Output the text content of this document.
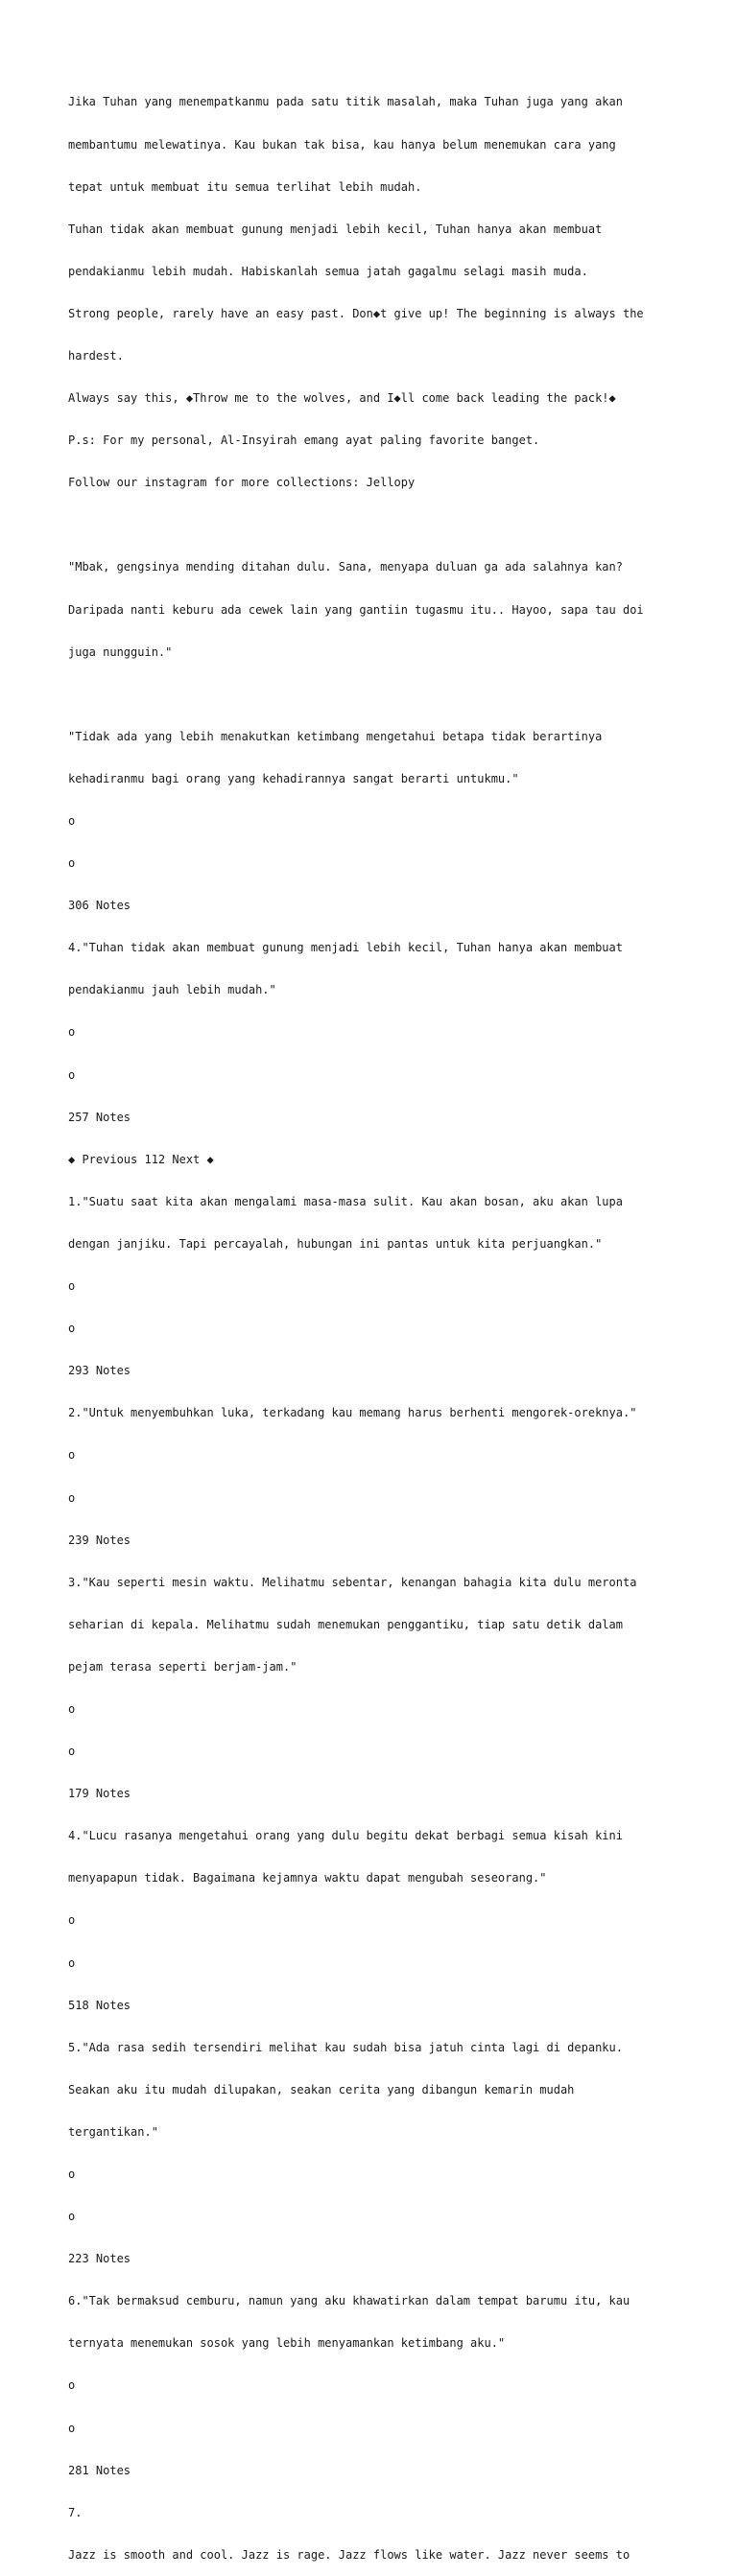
Jika Tuhan yang menempatkanmu pada satu titik masalah, maka Tuhan juga yang akan

membantumu melewatinya. Kau bukan tak bisa, kau hanya belum menemukan cara yang

tepat untuk membuat itu semua terlihat lebih mudah.

Tuhan tidak akan membuat gunung menjadi lebih kecil, Tuhan hanya akan membuat

pendakianmu lebih mudah. Habiskanlah semua jatah gagalmu selagi masih muda.

Strong people, rarely have an easy past. Don◆t give up! The beginning is always the

hardest.

Always say this, ◆Throw me to the wolves, and I◆ll come back leading the pack!◆

P.s: For my personal, Al-Insyirah emang ayat paling favorite banget.

Follow our instagram for more collections: Jellopy

"Mbak, gengsinya mending ditahan dulu. Sana, menyapa duluan ga ada salahnya kan?

Daripada nanti keburu ada cewek lain yang gantiin tugasmu itu.. Hayoo, sapa tau doi

juga nungguin."

"Tidak ada yang lebih menakutkan ketimbang mengetahui betapa tidak berartinya

kehadiranmu bagi orang yang kehadirannya sangat berarti untukmu."

o

o

306 Notes

4."Tuhan tidak akan membuat gunung menjadi lebih kecil, Tuhan hanya akan membuat

pendakianmu jauh lebih mudah."

o

o

257 Notes

◆ Previous 112 Next ◆

1."Suatu saat kita akan mengalami masa-masa sulit. Kau akan bosan, aku akan lupa

dengan janjiku. Tapi percayalah, hubungan ini pantas untuk kita perjuangkan."

o

o

293 Notes

2."Untuk menyembuhkan luka, terkadang kau memang harus berhenti mengorek-oreknya."

o

o

239 Notes

3."Kau seperti mesin waktu. Melihatmu sebentar, kenangan bahagia kita dulu meronta

seharian di kepala. Melihatmu sudah menemukan penggantiku, tiap satu detik dalam

pejam terasa seperti berjam-jam."

o

o

179 Notes

4."Lucu rasanya mengetahui orang yang dulu begitu dekat berbagi semua kisah kini

menyapapun tidak. Bagaimana kejamnya waktu dapat mengubah seseorang."

o

o

518 Notes

5."Ada rasa sedih tersendiri melihat kau sudah bisa jatuh cinta lagi di depanku.

Seakan aku itu mudah dilupakan, seakan cerita yang dibangun kemarin mudah

tergantikan."

o

o

223 Notes

6."Tak bermaksud cemburu, namun yang aku khawatirkan dalam tempat barumu itu, kau

ternyata menemukan sosok yang lebih menyamankan ketimbang aku."

o

o

281 Notes

7.

Jazz is smooth and cool. Jazz is rage. Jazz flows like water. Jazz never seems to
